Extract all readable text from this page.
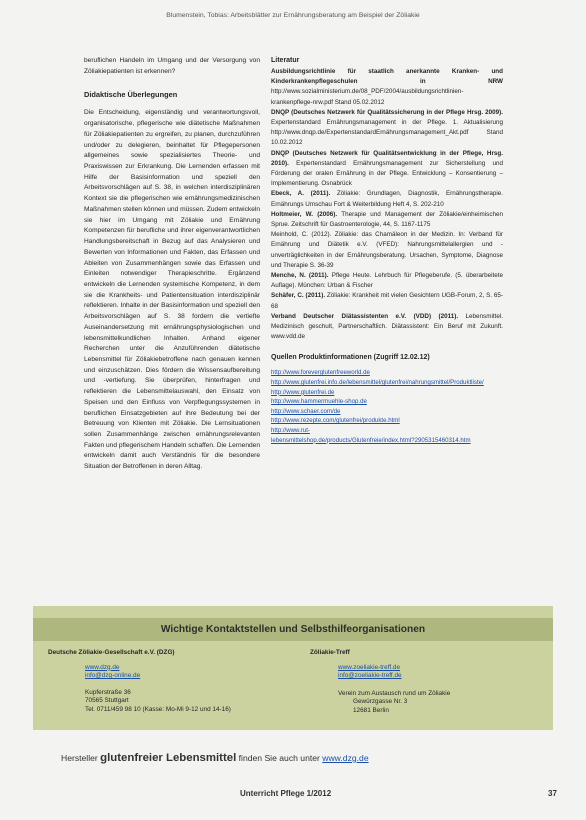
Blumenstein, Tobias: Arbeitsblätter zur Ernährungsberatung am Beispiel der Zöliakie

beruflichen Handeln im Umgang und der Versorgung von Zöliakiepatienten ist erkennen?

Didaktische Überlegungen

Die Entscheidung, eigenständig und verantwortungsvoll, organisatorische, pflegerische wie diätetische Maßnahmen für Zöliakiepatienten zu ergreifen, zu planen, durchzuführen und/oder zu delegieren, beinhaltet für Pflegepersonen allgemeines sowie spezialisiertes Theorie- und Praxiswissen zur Erkrankung. Die Lernenden erfassen mit Hilfe der Basisinformation und speziell den Arbeitsvorschlägen auf S. 38, in welchen interdisziplinären Kontext sie die pflegerischen wie ernährungsmedizinischen Maßnahmen stellen können und müssen. Zudem entwickeln sie hier im Umgang mit Zöliakie und Ernährung Kompetenzen für berufliche und ihrer eigenverantwortlichen Handlungsbereitschaft in Bezug auf das Analysieren und Bewerten von Informationen und Fakten, das Erfassen und Ableiten von Zusammenhängen sowie das Erfassen und Einleiten notwendiger Therapieschritte. Ergänzend entwickeln die Lernenden systemische Kompetenz, in dem sie die Krankheits- und Patientensituation interdisziplinär reflektieren. Inhalte in der Basisinformation und speziell den Arbeitsvorschlägen auf S. 38 fordern die vertiefte Auseinandersetzung mit ernährungsphysiologischen und lebensmittelkundlichen Inhalten. Anhand eigener Recherchen unter die Anzuführenden diätetische Lebensmittel für Zöliakiebetroffene nach genauen kennen und einzuschätzen. Dies fördern die Wissensaufbereitung und -vertiefung. Sie überprüfen, hinterfragen und reflektieren die Lebensmittelauswahl, den Einsatz von Speisen und den Einfluss von Verpflegungssystemen in beruflichen Einsatzgebieten auf ihre Bedeutung bei der Betreuung von Klienten mit Zöliakie. Die Lernsituationen sollen Zusammenhänge zwischen ernährungsrelevanten Fakten und pflegerischem Handeln schaffen. Die Lernenden entwickeln damit auch Verständnis für die besondere Situation der Betroffenen in deren Alltag.

Literatur

Ausbildungsrichtlinie für staatlich anerkannte Kranken- und Kinderkrankenpflegeschulen in NRW http://www.sozialministerium.de/08_PDF/2004/ausbildungsrichtlinien-krankenpflege-nrw.pdf Stand 05.02.2012

DNQP (Deutsches Netzwerk für Qualitätssicherung in der Pflege Hrsg. 2009). Expertenstandard Ernährungsmanagement in der Pflege. 1. Aktualisierung http://www.dnqp.de/ExpertenstandardErnährungsmanagement_Akt.pdf Stand 10.02.2012

DNQP (Deutsches Netzwerk für Qualitätsentwicklung in der Pflege, Hrsg. 2010). Expertenstandard Ernährungsmanagement zur Sicherstellung und Förderung der oralen Ernährung in der Pflege. Entwicklung – Konsentierung – Implementierung. Osnabrück

Ebeck, A. (2011). Zöliakie: Grundlagen, Diagnostik, Ernährungstherapie. Ernährungs Umschau Fort & Weiterbildung Heft 4, S. 202-210

Holtmeier, W. (2006). Therapie und Management der Zöliakie/einheimischen Sprue. Zeitschrift für Gastroenterologie, 44, S. 1167-1175

Meinhold, C. (2012). Zöliakie: das Chamäleon in der Medizin. In: Verband für Ernährung und Diätetik e.V. (VFED): Nahrungsmittelallergien und -unverträglichkeiten in der Ernährungsberatung. Ursachen, Symptome, Diagnose und Therapie S. 36-39

Menche, N. (2011). Pflege Heute. Lehrbuch für Pflegeberufe. (5. überarbeitete Auflage). München: Urban & Fischer

Schäfer, C. (2011). Zöliakie: Krankheit mit vielen Gesichtern UGB-Forum, 2, S. 65-68

Verband Deutscher Diätassistenten e.V. (VDD) (2011). Lebensmittel. Medizinisch geschult, Partnerschaftlich. Diätassistent: Ein Beruf mit Zukunft. www.vdd.de

Quellen Produktinformationen (Zugriff 12.02.12)
http://www.foreverglutenfreeworld.de
http://www.glutenfrei.info.de/lebensmittel/glutenfrei/nahrungsmittel/Produktliste/
http://www.glutenfrei.de
http://www.hammermuehle-shop.de
http://www.schaer.com/de
http://www.rezepte.com/glutenfrei/produkte.html
http://www.rut-
lebensmittelshop.de/products/Glutenfreie/index.html?2905315460314.htm
Wichtige Kontaktstellen und Selbsthilfeorganisationen
Deutsche Zöliakie-Gesellschaft e.V. (DZG)
www.dzg.de
info@dzg-online.de
Kupferstraße 36
70565 Stuttgart
Tel. 0711/459 98 10 (Kasse: Mo-Mi 9-12 und 14-16)
Zöliakie-Treff
www.zoeliakie-treff.de
info@zoeliakie-treff.de
Verein zum Austausch rund um Zöliakie
Gewürzgasse Nr. 3
12681 Berlin
Hersteller glutenfreier Lebensmittel finden Sie auch unter www.dzg.de
Unterricht Pflege 1/2012	37
